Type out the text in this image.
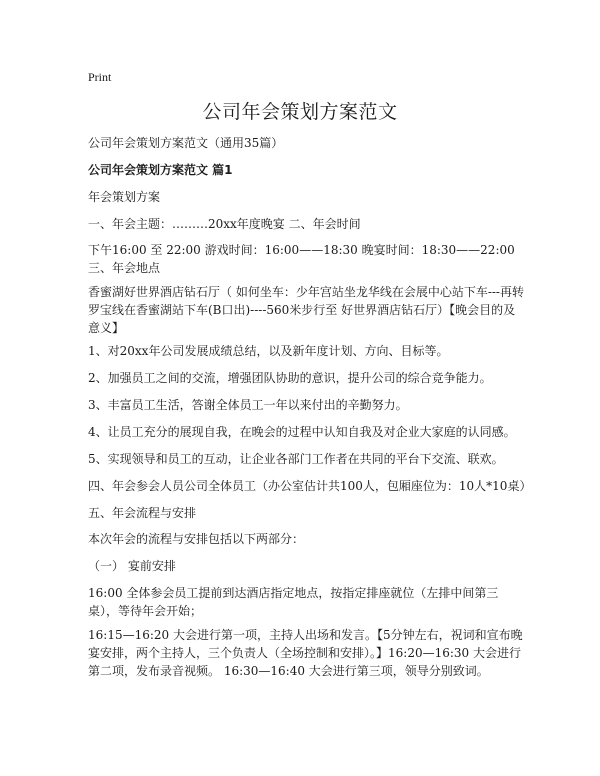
Print
公司年会策划方案范文
公司年会策划方案范文（通用35篇）
公司年会策划方案范文 篇1
年会策划方案
一、年会主题：………20xx年度晚宴 二、年会时间
下午16:00 至 22:00 游戏时间：16:00——18:30 晚宴时间：18:30——22:00 三、年会地点
香蜜湖好世界酒店钻石厅（ 如何坐车：少年宫站坐龙华线在会展中心站下车---再转罗宝线在香蜜湖站下车(B口出)----560米步行至 好世界酒店钻石厅）【晚会目的及意义】
1、对20xx年公司发展成绩总结，以及新年度计划、方向、目标等。
2、加强员工之间的交流，增强团队协助的意识，提升公司的综合竞争能力。
3、丰富员工生活，答谢全体员工一年以来付出的辛勤努力。
4、让员工充分的展现自我，在晚会的过程中认知自我及对企业大家庭的认同感。
5、实现领导和员工的互动，让企业各部门工作者在共同的平台下交流、联欢。
四、年会参会人员公司全体员工（办公室估计共100人，包厢座位为：10人*10桌）
五、年会流程与安排
本次年会的流程与安排包括以下两部分：
（一） 宴前安排
16:00 全体参会员工提前到达酒店指定地点，按指定排座就位（左排中间第三桌），等待年会开始；
16:15—16:20 大会进行第一项，主持人出场和发言。【5分钟左右，祝词和宣布晚宴安排，两个主持人，三个负责人（全场控制和安排）。】16:20—16:30 大会进行第二项，发布录音视频。 16:30—16:40 大会进行第三项，领导分别致词。
